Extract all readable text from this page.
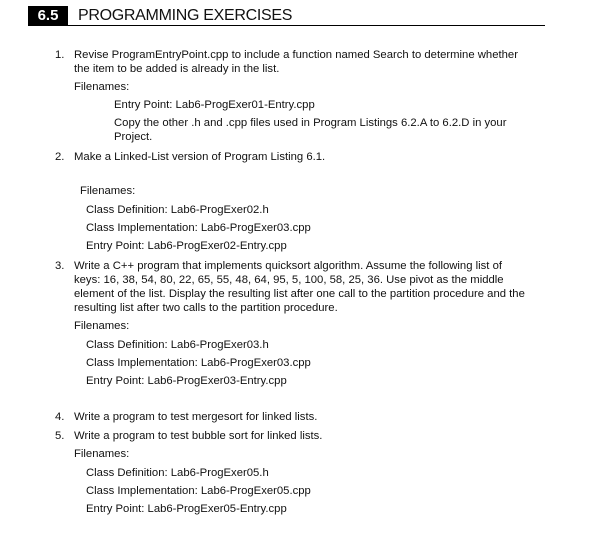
6.5	PROGRAMMING EXERCISES
1. Revise ProgramEntryPoint.cpp to include a function named Search to determine whether
the item to be added is already in the list.
Filenames:
Entry Point: Lab6-ProgExer01-Entry.cpp
Copy the other .h and .cpp files used in Program Listings 6.2.A to 6.2.D in your
Project.
2. Make a Linked-List version of Program Listing 6.1.
Filenames:
Class Definition: Lab6-ProgExer02.h
Class Implementation: Lab6-ProgExer03.cpp
Entry Point: Lab6-ProgExer02-Entry.cpp
3. Write a C++ program that implements quicksort algorithm. Assume the following list of
keys: 16, 38, 54, 80, 22, 65, 55, 48, 64, 95, 5, 100, 58, 25, 36. Use pivot as the middle
element of the list. Display the resulting list after one call to the partition procedure and the
resulting list after two calls to the partition procedure.
Filenames:
Class Definition: Lab6-ProgExer03.h
Class Implementation: Lab6-ProgExer03.cpp
Entry Point: Lab6-ProgExer03-Entry.cpp
4. Write a program to test mergesort for linked lists.
5. Write a program to test bubble sort for linked lists.
Filenames:
Class Definition: Lab6-ProgExer05.h
Class Implementation: Lab6-ProgExer05.cpp
Entry Point: Lab6-ProgExer05-Entry.cpp
